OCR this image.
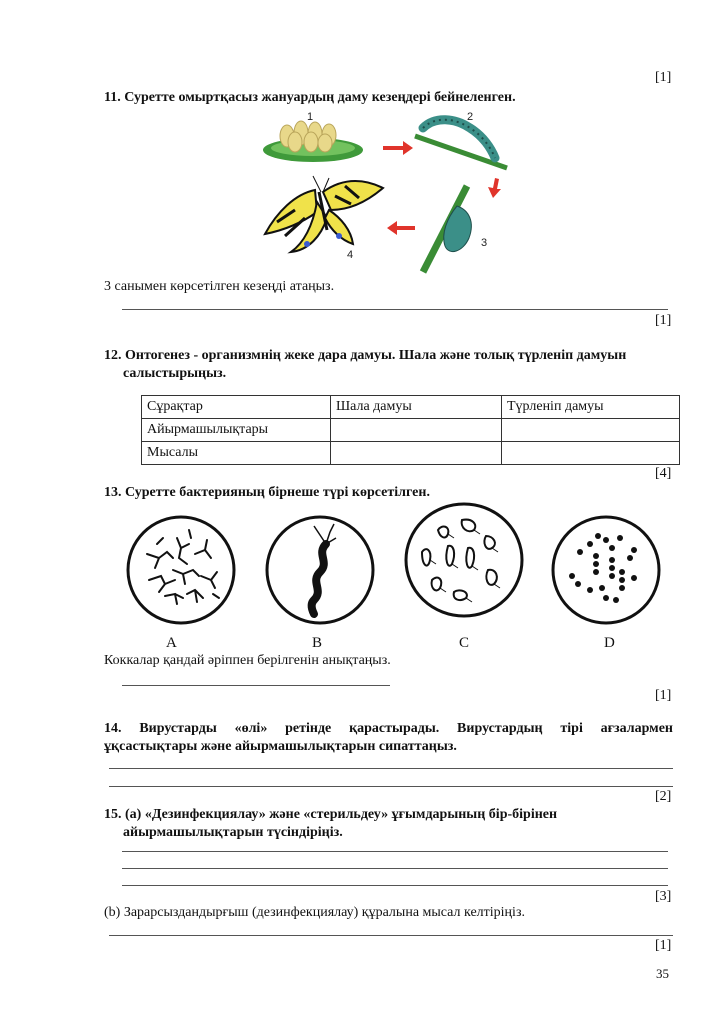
[1]
11. Суретте омыртқасыз жануардың даму кезеңдері бейнеленген.
1	2
3
4
3 санымен көрсетілген кезеңді атаңыз.
[1]
12. Онтогенез - организмнің жеке дара дамуы. Шала және толық түрленіп дамуын
салыстырыңыз.
Сұрақтар	Шала дамуы	Түрленіп дамуы
Айырмашылықтары		
Мысалы		
[4]
13. Суретте бактерияның бірнеше түрі көрсетілген.
A	B	C	D
Коккалар қандай әріппен берілгенін анықтаңыз.
[1]
14. Вирустарды «өлі» ретінде қарастырады. Вирустардың тірі ағзалармен
ұқсастықтары және айырмашылықтарын сипаттаңыз.
[2]
15. (a) «Дезинфекциялау» және «стерильдеу» ұғымдарының бір-бірінен
айырмашылықтарын түсіндіріңіз.
[3]
(b) Зарарсыздандырғыш (дезинфекциялау) құралына мысал келтіріңіз.
[1]
35
